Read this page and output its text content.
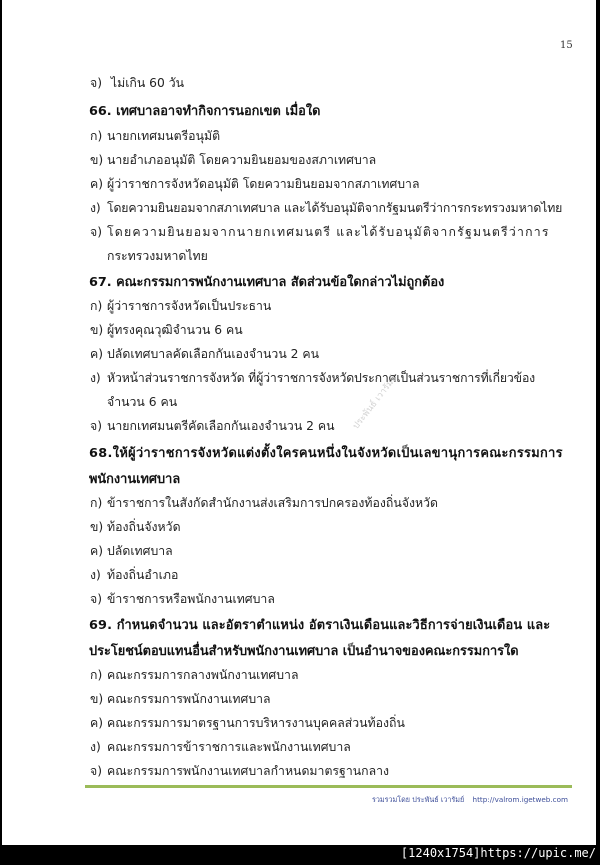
15
จ) ไม่เกิน 60 วัน
66. เทศบาลอาจทำกิจการนอกเขต เมื่อใด
ก) นายกเทศมนตรีอนุมัติ
ข) นายอำเภออนุมัติ โดยความยินยอมของสภาเทศบาล
ค) ผู้ว่าราชการจังหวัดอนุมัติ โดยความยินยอมจากสภาเทศบาล
ง) โดยความยินยอมจากสภาเทศบาล และได้รับอนุมัติจากรัฐมนตรีว่าการกระทรวงมหาดไทย
จ) โดยความยินยอมจากนายกเทศมนตรี และได้รับอนุมัติจากรัฐมนตรีว่าการ
กระทรวงมหาดไทย
67. คณะกรรมการพนักงานเทศบาล สัดส่วนข้อใดกล่าวไม่ถูกต้อง
ก) ผู้ว่าราชการจังหวัดเป็นประธาน
ข) ผู้ทรงคุณวุฒิจำนวน 6 คน
ค) ปลัดเทศบาลคัดเลือกกันเองจำนวน 2 คน
ง) หัวหน้าส่วนราชการจังหวัด ที่ผู้ว่าราชการจังหวัดประกาศเป็นส่วนราชการที่เกี่ยวข้อง
จำนวน 6 คน
จ) นายกเทศมนตรีคัดเลือกกันเองจำนวน 2 คน ประพันธ์ เวารัมย์
68.ให้ผู้ว่าราชการจังหวัดแต่งตั้งใครคนหนึ่งในจังหวัดเป็นเลขานุการคณะกรรมการ
พนักงานเทศบาล
ก) ข้าราชการในสังกัดสำนักงานส่งเสริมการปกครองท้องถิ่นจังหวัด
ข) ท้องถิ่นจังหวัด
ค) ปลัดเทศบาล
ง) ท้องถิ่นอำเภอ
จ) ข้าราชการหรือพนักงานเทศบาล
69. กำหนดจำนวน และอัตราตำแหน่ง อัตราเงินเดือนและวิธีการจ่ายเงินเดือน และ
ประโยชน์ตอบแทนอื่นสำหรับพนักงานเทศบาล เป็นอำนาจของคณะกรรมการใด
ก) คณะกรรมการกลางพนักงานเทศบาล
ข) คณะกรรมการพนักงานเทศบาล
ค) คณะกรรมการมาตรฐานการบริหารงานบุคคลส่วนท้องถิ่น
ง) คณะกรรมการข้าราชการและพนักงานเทศบาล
จ) คณะกรรมการพนักงานเทศบาลกำหนดมาตรฐานกลาง
รวมรวมโดย ประพันธ์ เวารัมย์ http://valrom.igetweb.com
[1240x1754]https://upic.me/
